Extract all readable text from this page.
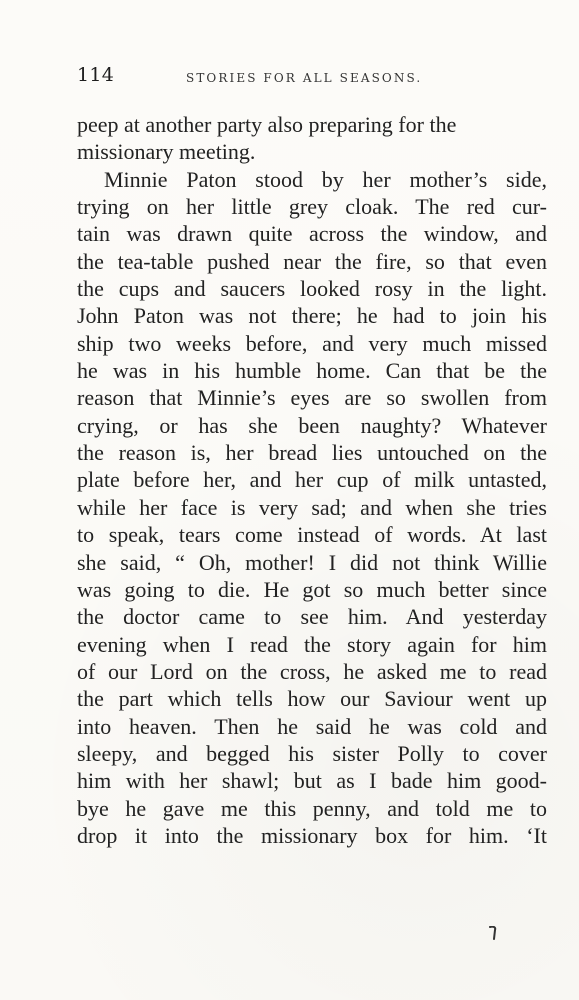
114	STORIES FOR ALL SEASONS.
peep at another party also preparing for the
missionary meeting.
Minnie Paton stood by her mother’s side,
trying on her little grey cloak. The red cur-
tain was drawn quite across the window, and
the tea-table pushed near the fire, so that even
the cups and saucers looked rosy in the light.
John Paton was not there; he had to join his
ship two weeks before, and very much missed
he was in his humble home. Can that be the
reason that Minnie’s eyes are so swollen from
crying, or has she been naughty? Whatever
the reason is, her bread lies untouched on the
plate before her, and her cup of milk untasted,
while her face is very sad; and when she tries
to speak, tears come instead of words. At last
she said, “ Oh, mother! I did not think Willie
was going to die. He got so much better since
the doctor came to see him. And yesterday
evening when I read the story again for him
of our Lord on the cross, he asked me to read
the part which tells how our Saviour went up
into heaven. Then he said he was cold and
sleepy, and begged his sister Polly to cover
him with her shawl; but as I bade him good-
bye he gave me this penny, and told me to
drop it into the missionary box for him. ‘It
